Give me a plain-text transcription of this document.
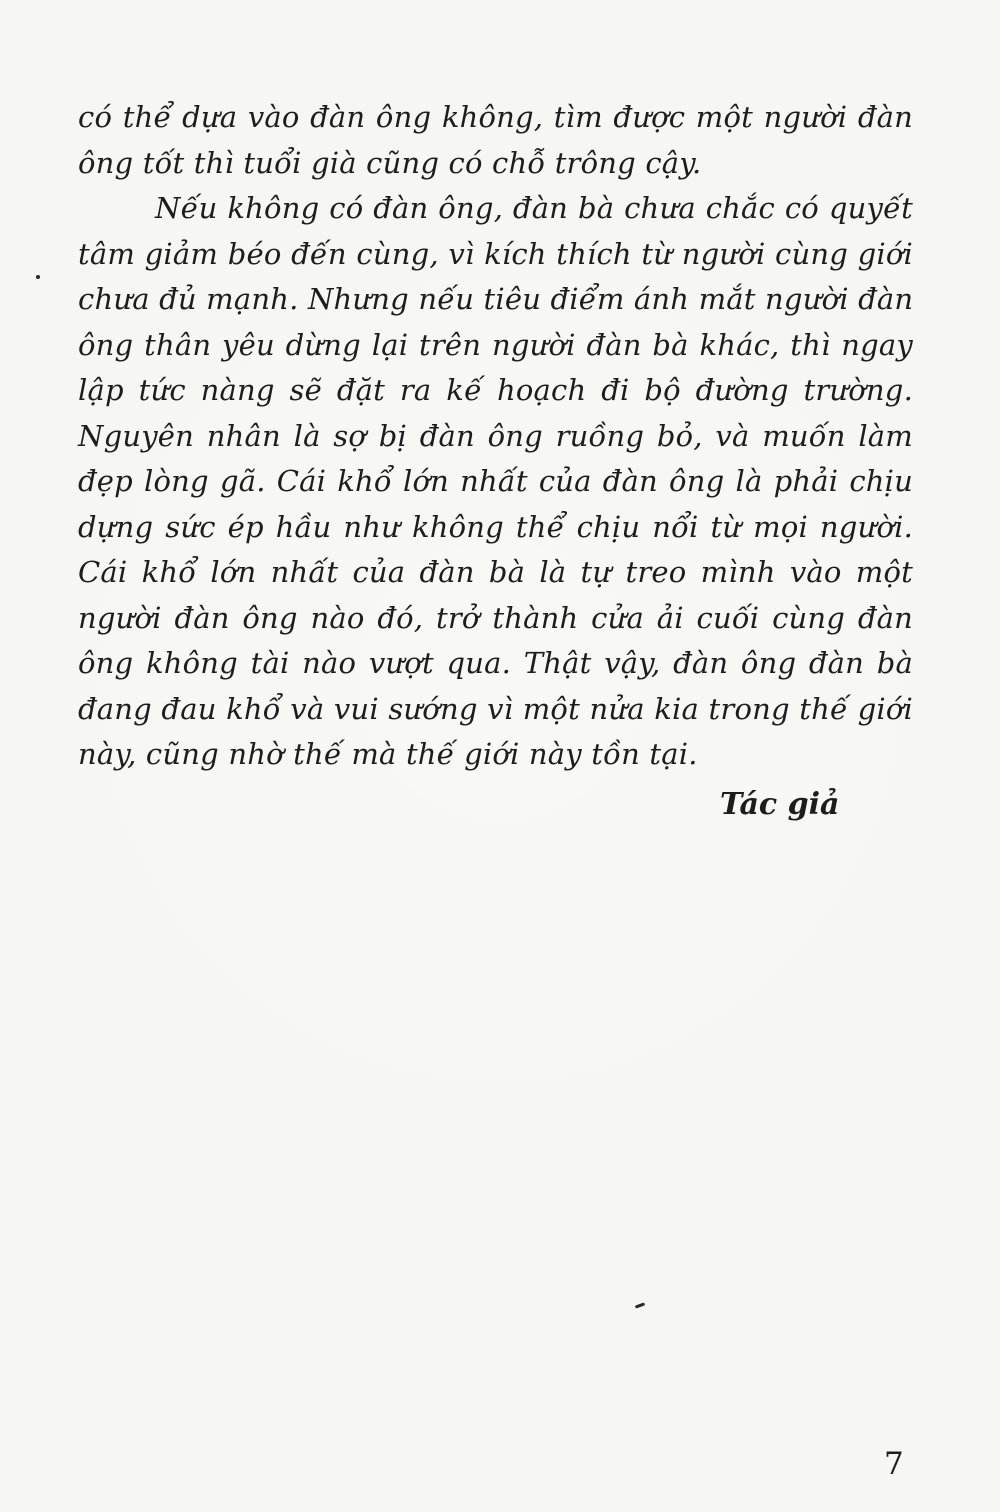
có thể dựa vào đàn ông không, tìm được một người đàn
ông tốt thì tuổi già cũng có chỗ trông cậy.
Nếu không có đàn ông, đàn bà chưa chắc có quyết
tâm giảm béo đến cùng, vì kích thích từ người cùng giới
chưa đủ mạnh. Nhưng nếu tiêu điểm ánh mắt người đàn
ông thân yêu dừng lại trên người đàn bà khác, thì ngay
lập tức nàng sẽ đặt ra kế hoạch đi bộ đường trường.
Nguyên nhân là sợ bị đàn ông ruồng bỏ, và muốn làm
đẹp lòng gã. Cái khổ lớn nhất của đàn ông là phải chịu
dựng sức ép hầu như không thể chịu nổi từ mọi người.
Cái khổ lớn nhất của đàn bà là tự treo mình vào một
người đàn ông nào đó, trở thành cửa ải cuối cùng đàn
ông không tài nào vượt qua. Thật vậy, đàn ông đàn bà
đang đau khổ và vui sướng vì một nửa kia trong thế giới
này, cũng nhờ thế mà thế giới này tồn tại.
Tác giả
7
